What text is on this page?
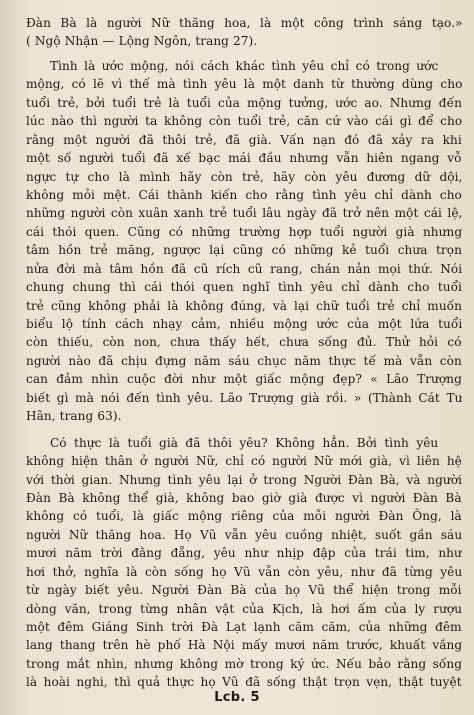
Đàn Bà là người Nữ thăng hoa, là một công trình sáng tạo.»
( Ngộ Nhận — Lộng Ngôn, trang 27).
Tình là ước mộng, nói cách khác tình yêu chỉ có trong ước
mộng, có lẽ vì thế mà tình yêu là một danh từ thường dùng cho
tuổi trẻ, bởi tuổi trẻ là tuổi của mộng tưởng, ước ao. Nhưng đến
lúc nào thì người ta không còn tuổi trẻ, căn cứ vào cái gì để cho
rằng một người đã thôi trẻ, đã già. Vấn nạn đó đã xảy ra khi
một số người tuổi đã xế bạc mái đầu nhưng vẫn hiên ngang vỗ
ngực tự cho là mình hãy còn trẻ, hãy còn yêu đương dữ dội,
không mỏi mệt. Cái thành kiến cho rằng tình yêu chỉ dành cho
những người còn xuân xanh trẻ tuổi lâu ngày đã trở nên một cái lệ,
cái thói quen. Cũng có những trường hợp tuổi người già nhưng
tâm hồn trẻ măng, ngược lại cũng có những kẻ tuổi chưa trọn
nửa đời mà tâm hồn đã cũ rích cũ rang, chán nản mọi thứ. Nói
chung chung thì cái thói quen nghĩ tình yêu chỉ dành cho tuổi
trẻ cũng không phải là không đúng, và lại chữ tuổi trẻ chỉ muốn
biểu lộ tính cách nhạy cảm, nhiều mộng ước của một lứa tuổi
còn thiếu, còn non, chưa thấy hết, chưa sống đủ. Thử hỏi có
người nào đã chịu đựng năm sáu chục năm thực tế mà vẫn còn
can đảm nhìn cuộc đời như một giấc mộng đẹp? « Lão Trượng
biết gì mà nói đến tình yêu. Lão Trượng già rồi. » (Thành Cát Tư
Hãn, trang 63).
Có thực là tuổi già đã thôi yêu? Không hẳn. Bởi tình yêu
không hiện thân ở người Nữ, chỉ có người Nữ mới già, vì liên hệ
với thời gian. Nhưng tình yêu lại ở trong Người Đàn Bà, và người
Đàn Bà không thể già, không bao giờ già được vì người Đàn Bà
không có tuổi, là giấc mộng riêng của mỗi người Đàn Ông, là
người Nữ thăng hoa. Họ Vũ vẫn yêu cuồng nhiệt, suốt gần sáu
mươi năm trời đằng đẵng, yêu như nhịp đập của trái tim, như
hơi thở, nghĩa là còn sống họ Vũ vẫn còn yêu, như đã từng yêu
từ ngày biết yêu. Người Đàn Bà của họ Vũ thể hiện trong mỗi
dòng văn, trong từng nhân vật của Kịch, là hơi ấm của ly rượu
một đêm Giáng Sinh trời Đà Lạt lạnh căm căm, của những đêm
lang thang trên hè phố Hà Nội mấy mươi năm trước, khuất vắng
trong mắt nhìn, nhưng không mờ trong ký ức. Nếu bảo rằng sống
là hoài nghi, thì quả thực họ Vũ đã sống thật trọn vẹn, thật tuyệt
Lcb. 5
